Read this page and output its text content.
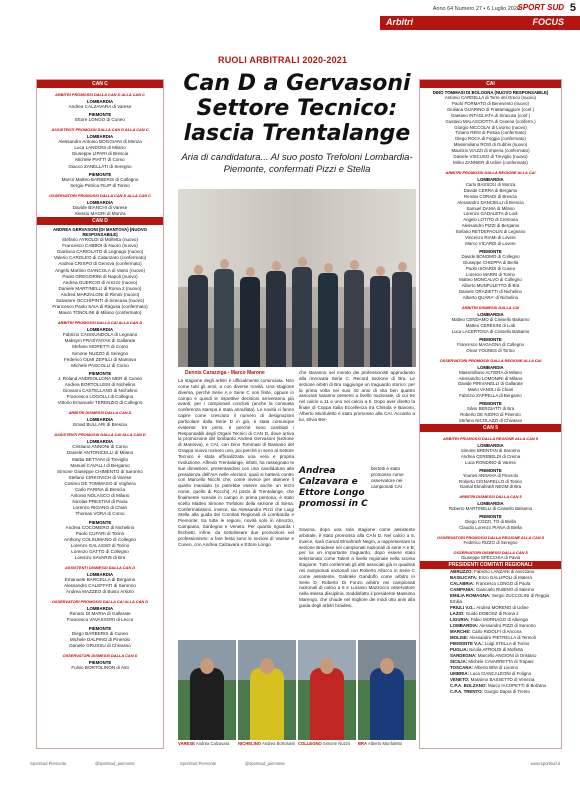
Anno 64 Numero 27 • 6 Luglio 2020
SPORT SUD 5
Arbitri	FOCUS
CAN C
ARBITRI PROMOSSI DALLA CAN D ALLA CAN C
LOMBARDIA
Andrea CALZAVARA di Varese
PIEMONTE
Ettore LONGO di Cuneo
ASSISTENTI PROMOSSI DALLA CAN D ALLA CAN C
LOMBARDIA
Alessandro Antonio BOGGIANI di Monza
Luca LANDONI di Milano
Giuseppe LIPARI di Brescia
Michele PIATTI di Como
Giacco ZANELLATI di Seregno
PIEMONTE
Marco Matteo BARBERIS di Collegno
Sergiu Petrica FILIP di Torino
OSSERVATORI PROMOSSI DALLA CAN D ALLA CAN C
LOMBARDIA
Davide BIANCHI di Varese
Alessio MAGRI di Monza
CAN D
ANDREA GERVASONI (DI MANTOVA) (NUOVO RESPONSABILE)
Stefano AYROLDI di Molfetta (nuovo)
Francesco CABBOI di Nuoro (nuovo)
Gianluca CARIOLATO di Legnago (nuovo)
Valerio CAROLEO di Catanzaro (confermato)
Andrea CRISPO di Genova (confermato)
Angelo Martino GIANCOLA di Vasto (nuovo)
Paolo GREGORINI di Napoli (nuovo)
Andrea GUERCIO di Arezzo (nuovo)
Daniele MARTINELLI di Roma 2 (nuovo)
Andrea MARZALONI di Rimini (nuovo)
Salvatore OCCHIPINTI di Siracusa (nuovo)
Francesco Paolo SAIA di Ragusa (confermato)
Mauro TONOLINI di Milano (confermato)
ARBITRI PROMOSSI DALLA CAI ALLA CAN D
LOMBARDIA
Fabrizio CAISSUNDOLA di Legnano
Maksym FRASYNYAK di Gallarate
Stefano MORETTI di Como
Simone NUZZO di Seregno
Federico OLMI ZEPILLI di Mantova
Michele PASCOLLI di Como
PIEMONTE
J. Roland ANDRIOLLONA MER di Cuneo
Andrea BORTOLUSSI di Nichelino
Giovanni CASTELLANO di Nichelino
Francesco LOGOLLI di Collegno
Vittorio Emanuele TERENZIO di Collegno
ARBITRI DISMESSI DALLA CAN D
LOMBARDIA
Emad BULLARI di Brescia
ASSISTENTI PROMOSSI DALLA CAI ALLA CAN D
LOMBARDIA
Cristiano ANNONI di Como
Daniele ANTONICELLI di Milano
Mattia BETTANI di Treviglio
Manuel CAVALLI di Bergamo
Simone Giuseppe CHIMENTO di Saronno
Stefano CIRKOVICH di Varese
Cosimo DE TOMMASO di Voghera
Carlo FARINA di Brescia
Antonio NOLASCO di Milano
Nicolas PRESTINI di Pavia
Lorenzo RIGANO di Chiari
Thomas VORA di Como
PIEMONTE
Andrea COCOMERO di Nichelino
Paolo CUFARI di Torino
Anthony COLSUMANO di Collegno
Lorenzo GALASSO di Torino
Lorenzo GATTO di Collegno
Lorenzo SAVARIS di Bra
ASSISTENTI DISMESSI DALLA CAN D
LOMBARDIA
Emanuele BARCELLA di Bergamo
Alessandro CALEFFATI di Saronno
Andrea MAZZEO di Busto Arsizio
OSSERVATORI PROMOSSI DALLA CAI ALLA CAN D
LOMBARDIA
Renato DI MARIA di Gallarate
Francesco VAVASSORI di Lecco
PIEMONTE
Diego BARBERIS di Cuneo
Michele DALPINO di Pinerolo
Daniele GRUSSU di Chivasso
OSSERVATORI DISMESSI DALLA CAN D
PIEMONTE
Fulvio BORTOLINON di Asti
CAI
DINO TOMMASI DI BOLOGNA (NUOVO RESPONSABILE)
Antonio CARDELLA di Torre del Greco (nuovo)
Paolo FORMATO di Benevento (nuovo)
Giuliana GUARINO di Frattamaggiore (conf.)
Gaetano INTAGLIATA di Siracusa (conf.)
Gustavo MALASCIOTTA di Cesena (conferm.)
Giorgio NICCOLAI di Livorno (nuovo)
Tiziano RENI di Pistoia (confermato)
Diego ROCA di Foggia (confermato)
Massimiliano ROSI di Gubbio (nuovo)
Maurizio VIAZZI di Imperia (confermato)
Daniele VISCUSO di Treviglio (nuovo)
Mirko ZANNIER di Udine (confermato)
ARBITRI PROMOSSI DALLA REGIONE ALLA CAI
LOMBARDIA
Carlo BASSOLI di Monza
Davide CERRA di Bergamo
Renato CORADI di Brescia
Alessandro DANCIELLI di Brescia
Samuel DANIA di Milano
Lorenzo GADALETA di Lodi
Angelo LOTITO di Cremona
Alessandro PIZZI di Bergamo
Stefano RETDEPAOLIN di Legnano
Vincenzo RIAMI di Lovere
Marco VICARDI di Lovere
PIEMONTE
Davide BONOMO di Collegno
Giuseppe CHIEPPA di Biella
Paolo ISOARDI di Cuneo
Lorenzo MARRI di Torino
Matteo MONCALVO di Collegno
Alberto MUNFULETTO di Bra
Daniele ORAZIETTI di Nichelino
Alberto QUARA' di Nichelino
ARBITRI DISMESSI DALLA CAI
LOMBARDIA
Matteo CENDAMO di Cinisello Balsamo
Matteo CERESINI di Lodi
Luca LACERTOSA di Cinisello Balsamo
PIEMONTE
Francesco MAGAGNA di Collegno
Omar YOUNES di Torino
OSSERVATORI PROMOSSI DALLA REGIONE ALLA CAI
LOMBARDIA
Massimiliano ALTIERA di Milano
Alessandro LOMONINI di Milano
Davide PIRIVANELLI di Gallarate
Mario VANOLI di Chiari
Fabrizio ZAPPELLA di Bergamo
PIEMONTE
Silvio BERGIATTI di Bra
Roberto DE NIGRO di Pinerolo
Stefano NICOLAZZI di Chivasso
CAN 5
ARBITRI PROMOSSI DALLA REGIONE ALLA CAN 5
LOMBARDIA
Simone BRENTAN di Saronno
Andrea CEREBELDI di Crema
Luca RONDINO di Varese
PIEMONTE
Younes ANNAHA di Pinerolo
Roberto CIGNARELLO di Torino
Gamal Elmahrath NEGM di Bra
ARBITRI DISMESSI DALLA CAN 5
LOMBARDIA
Roberto MARTINELLI di Cinisello Balsamo
PIEMONTE
Diego COZZI, TO di Biella
Claudio Lorenzo PIANA di Biella
OSSERVATORI PROMOSSI DALLA REGIONE ALLA CAN 5
Federico RIZZO di Seregno
OSSERVATORI DISMESSI DALLA CAN 5
Giuseppe SPECCHIA di Pavia
PRESIDENTI COMITATI REGIONALI
ABRUZZO: Fabrizio LANZANI di Avezzano
BASILICATA: Enzo GALLIPOLI di Matera
CALABRIA: Francesco LONGO di Paola
CAMPANIA: Giancarlo RUBINO di Salerno
EMILIA ROMAGNA: Sergio ZUCCOLINI di Reggio Emilia
FRIULI V.G.: Andrea MORENO di Udine
LAZIO: Guido DOBOSZ di Roma 2
LIGURIA: Fabio MORNAGO di Albenga
LOMBARDIA: Alessandro PIZZI di Saronno
MARCHE: Carlo RIDOLFI di Ancona
MOLISE: Alessandro PIETRELLA di Termoli
PIEMONTE V.A.: Luigi STELLA di Torino
PUGLIA: Nicola AFROLDI di Molfetta
SARDEGNA: Marcello ANGIONI di Oristano
SICILIA: Michele CAVARRETTA di Trapani
TOSCANA: Alberto BINI di Livorno
UMBRIA: Luca CIANCALEONI di Foligno
VENETO: Massimo BASSETTO di Venezia
C.P.A. BOLZANO: Marco IACOPETTI di Bolzano
C.P.A. TRENTO: Giorgio Dapra di Trento
RUOLI ARBITRALI 2020-2021
Can D a Gervasoni
Settore Tecnico:
lascia Trentalange
Aria di candidatura... Al suo posto Trefoloni Lombardia-Piemonte, confermati Pizzi e Stella
Dennis Carazziga - Marco Marone
La stagione degli arbitri è ufficialmente cominciata. Non come tutti gli anni, a con diverse novità. Una stagione diversa, perché Serie A e Serie C non finite, oppure in campo e quindi le rispettive decisioni arriveranno più avanti; per i campionati conclusi (anche la consueta conferenza stampa è stata annullata). Le novità ci fanno capire come cresciuto il numero di designazioni particolare dalla Serie D in giù, è stata comunque evidente: tre primi, è perché sono cambiati i Responsabili degli Organi Tecnici di CAN D, dove arriva la promozione del lombardo Andrea Gervasoni (sezione di Mantova), e CAI, con Dino Tommasi di Bassano del Grappa nuovo numero uno, poi perché in seno al Settore Tecnico è stata ufficializzata una vera e propria rivoluzione. Alfredo Trentalange, infatti, ha rassegnato le sue dimissioni, presentandosi con una candidatura alla presidenza dell'AIA nelle elezioni, quali si batterà contro con Marcello Nicchi che, come invece per ottenere il quarto mandato (e potrebbe essere anche un terzo nome, quello di Rocchi). Al posto di Trentalange, che finalmente scende in campo in prima persona, è stato scelto Matteo Simone Trefoloni della sezione di Siena. Confermatissimi, invece, sia Alessandro Pizzi che Luigi Stella alla guida dei Comitati Regionali di Lombardia e Piemonte: tra tutte le regioni, novità solo in Abruzzo, Campania, Sardegna e Veneto. Per quanto riguarda i fischietti, infine, da sottolineare due promozioni nel professionismi: a fare festa sono le sezioni di Varese e Cuneo, con Andrea Calzavara e Ettore Longo
che staranno nel mondo dei professionisti approdando alla rinnovata Serie C. Record Sezione di Bra. Le sezione arbitri di Bra raggiunge un traguardo storico: per la prima volta nei suoi 40 anni di vita ben quattro associati saranno presenti a livello nazionale, di cui tre nel calcio a 11 e uno nel calcio a 5. Dopo aver diretto la finale di Coppa Italia Eccellenza tra Chisola e Bavono, Alberto Munfuletto è stato promosso alla CAI. Accanto a lui, Silvio Ber-
Andrea Calzavara e Ettore Longo promossi in C
bertotti è stato promosso come osservatore nei campionati CAI
Savona, dopo una sola stagione come assistente arbitrale, è stato promosso alla CAN D. Nel calcio a 5, invece, sarà Gamal Elmahrath Negm, a rappresentare la sezione Braidese nei campionati nazionali di serie A e B; per lui un importante traguardo, dopo essere stato selezionato come Talent a livello regionale nella scorsa stagione. Tutti confermati gli altri associati già in quadrati nei campionati nazionali con Roberto Allocco in Serie C come assistente, Gabriele Gandolfo come arbitro in Serie D, Roberto Di Fonzo arbitro nei campionati nazionali di calcio a 5 e Luciano Mazzocco osservatore nella stessa disciplina. Soddisfatto il presidente Massimo Marengo, che chiude nel migliore dei modi otto anni alla guida degli arbitri braidesi.
VARESE Andrea Calzavara NICHELINO Andrea Bortolussi COLLEGNO Simone Nuzzo BRA Alberto Munfuletto
SportSud Piemonte	@sportsud_piemonte	SportSud Piemonte	@sportsud_piemonte	www.sportsud.it
